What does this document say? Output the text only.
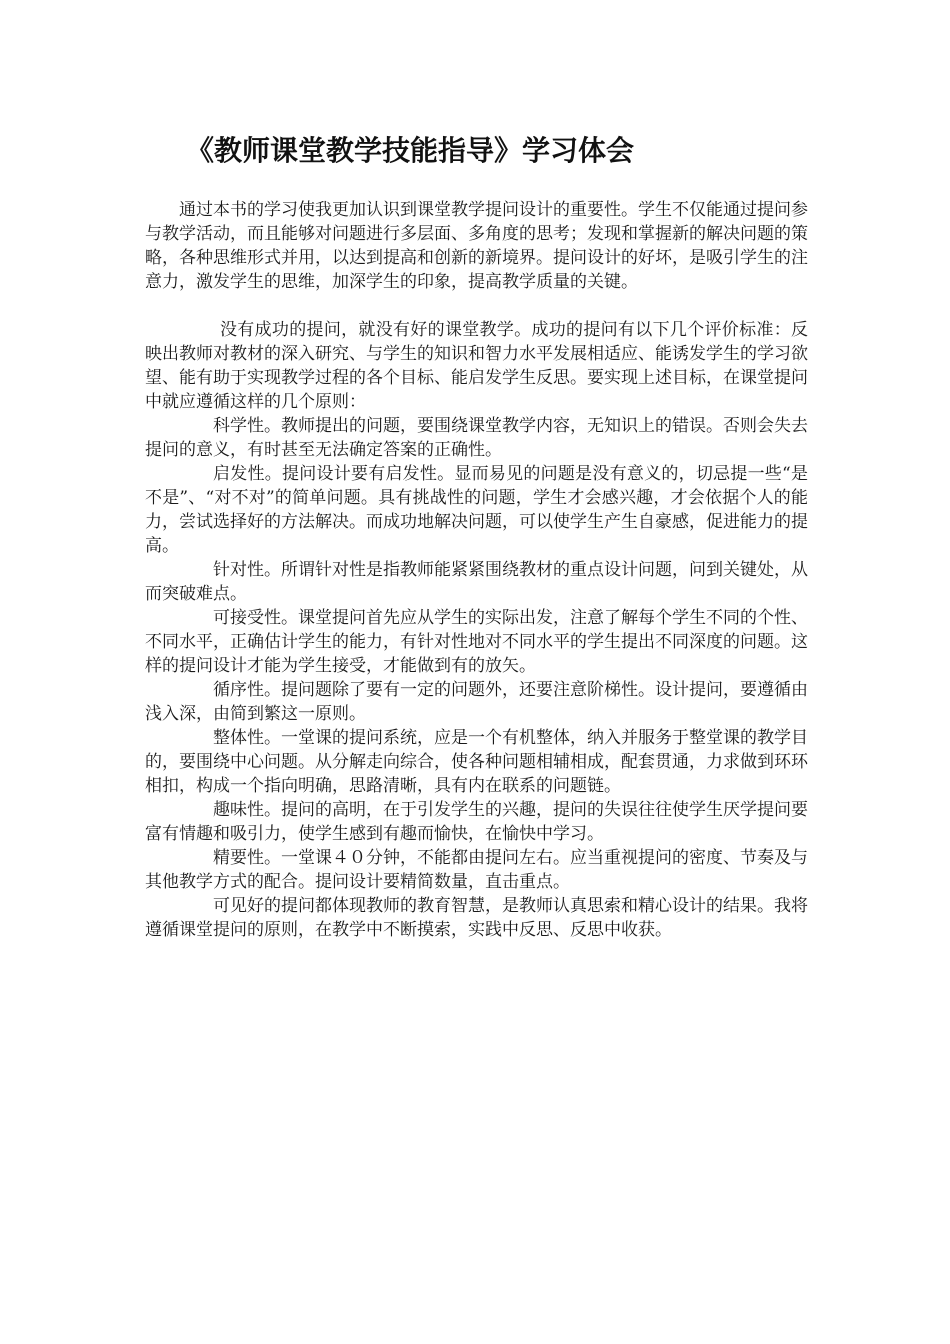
《教师课堂教学技能指导》学习体会

通过本书的学习使我更加认识到课堂教学提问设计的重要性。学生不仅能通过提问参与教学活动，而且能够对问题进行多层面、多角度的思考；发现和掌握新的解决问题的策略，各种思维形式并用，以达到提高和创新的新境界。提问设计的好坏，是吸引学生的注意力，激发学生的思维，加深学生的印象，提高教学质量的关键。

没有成功的提问，就没有好的课堂教学。成功的提问有以下几个评价标准：反映出教师对教材的深入研究、与学生的知识和智力水平发展相适应、能诱发学生的学习欲望、能有助于实现教学过程的各个目标、能启发学生反思。要实现上述目标，在课堂提问中就应遵循这样的几个原则：

科学性。教师提出的问题，要围绕课堂教学内容，无知识上的错误。否则会失去提问的意义，有时甚至无法确定答案的正确性。

启发性。提问设计要有启发性。显而易见的问题是没有意义的，切忌提一些“是不是”、“对不对”的简单问题。具有挑战性的问题，学生才会感兴趣，才会依据个人的能力，尝试选择好的方法解决。而成功地解决问题，可以使学生产生自豪感，促进能力的提高。

针对性。所谓针对性是指教师能紧紧围绕教材的重点设计问题，问到关键处，从而突破难点。

可接受性。课堂提问首先应从学生的实际出发，注意了解每个学生不同的个性、不同水平，正确估计学生的能力，有针对性地对不同水平的学生提出不同深度的问题。这样的提问设计才能为学生接受，才能做到有的放矢。

循序性。提问题除了要有一定的问题外，还要注意阶梯性。设计提问，要遵循由浅入深，由简到繁这一原则。

整体性。一堂课的提问系统，应是一个有机整体，纳入并服务于整堂课的教学目的，要围绕中心问题。从分解走向综合，使各种问题相辅相成，配套贯通，力求做到环环相扣，构成一个指向明确，思路清晰，具有内在联系的问题链。

趣味性。提问的高明，在于引发学生的兴趣，提问的失误往往使学生厌学提问要富有情趣和吸引力，使学生感到有趣而愉快，在愉快中学习。

精要性。一堂课４０分钟，不能都由提问左右。应当重视提问的密度、节奏及与其他教学方式的配合。提问设计要精简数量，直击重点。

可见好的提问都体现教师的教育智慧，是教师认真思索和精心设计的结果。我将遵循课堂提问的原则，在教学中不断摸索，实践中反思、反思中收获。
